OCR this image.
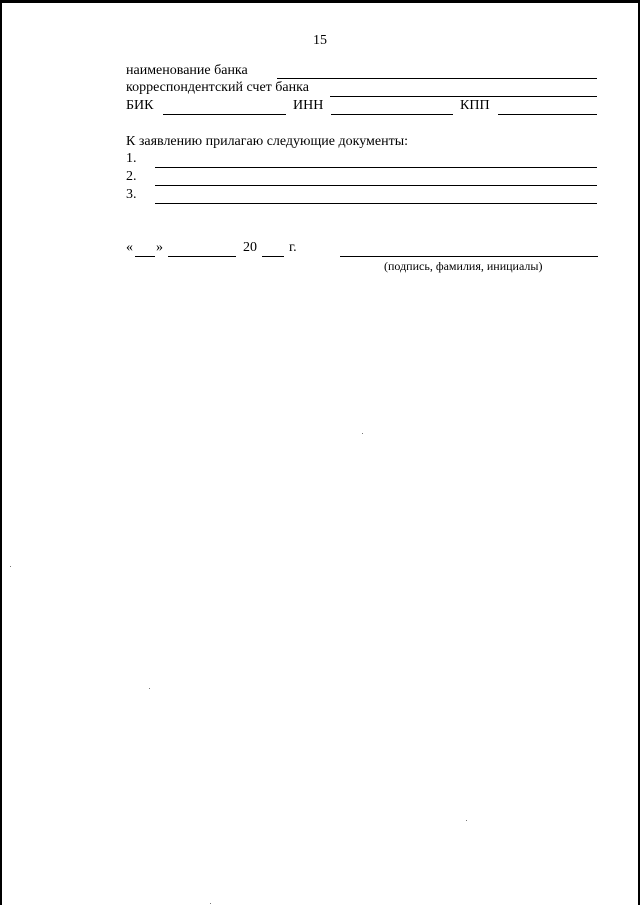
15
наименование банка
корреспондентский счет банка
БИК	ИНН	КПП
К заявлению прилагаю следующие документы:
1.
2.
3.
« »	20 г.
(подпись, фамилия, инициалы)
